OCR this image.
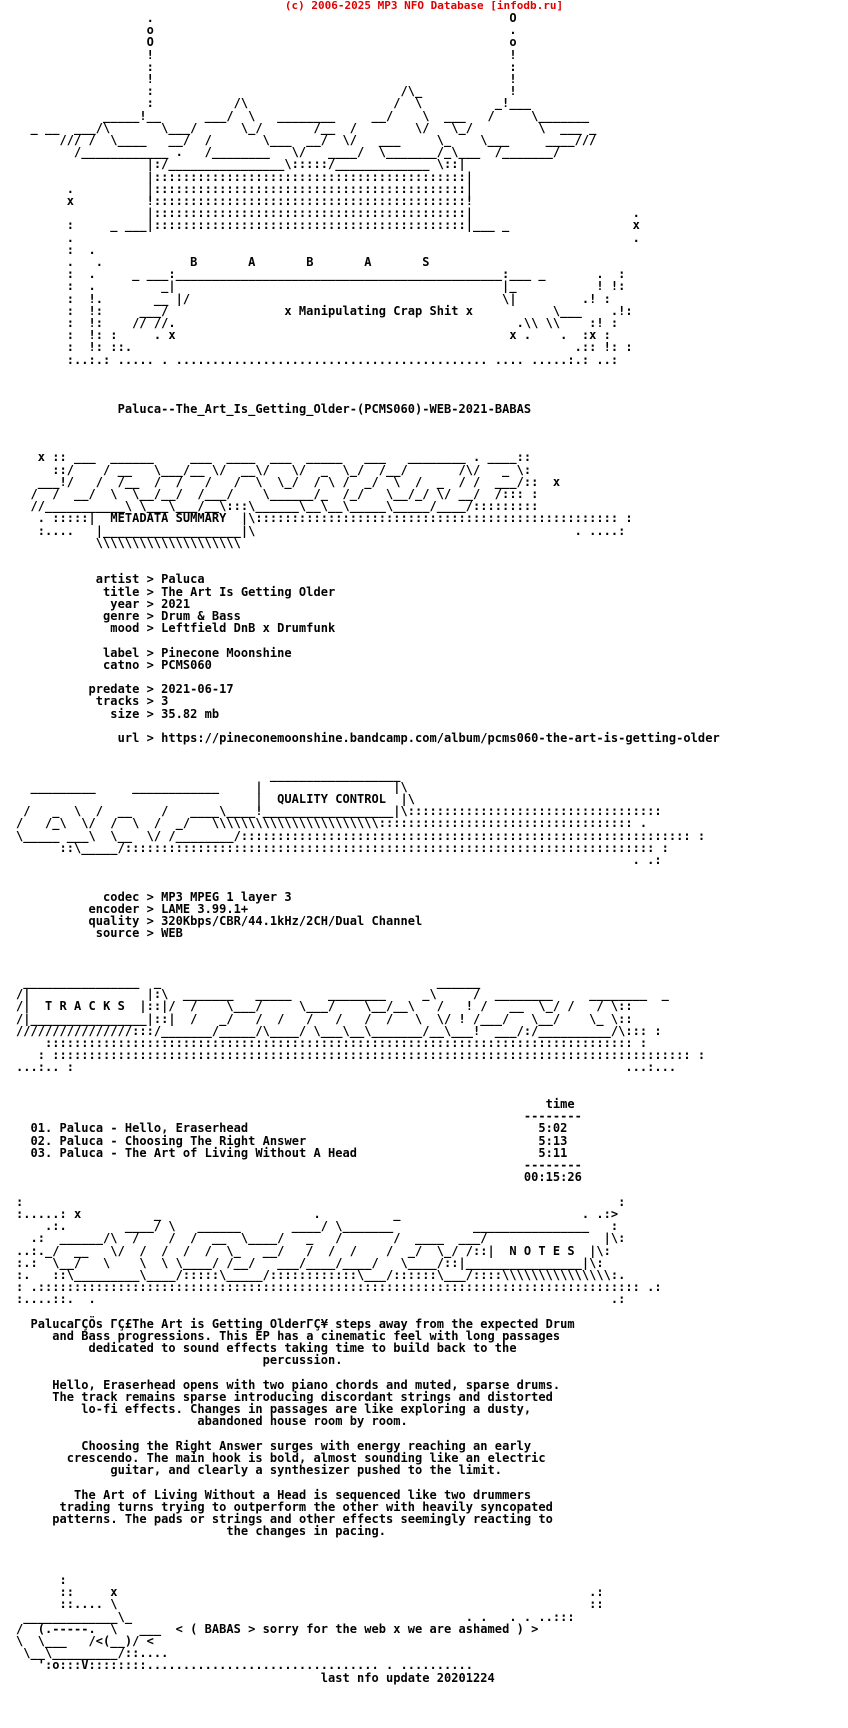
(c) 2006-2025 MP3 NFO Database [infodb.ru]
.                                                 O
o                                                 .
O                                                 o
!                                                 !
:                                                 :
!                                                 !
:                                  /\_            !
:           /\                    /  \          _!___
_____!__      ___/  \   ________     __/    \  ___   /     \_______
_ __  ___/\       \___/      \_/       /__  /        \/   \_/         \  ___ _
/// /  \____   __/  /       \___  __/  \/   ___     \_    \___     ____///
/____________ .   /________   \/   ____/  \_______/_\___  /_______/
|:/________________\:::::/_____________ \::|
|:::::::::::::::::::::::::::::::::::::::::::|
.          |:::::::::::::::::::::::::::::::::::::::::::|
x          !:::::::::::::::::::::::::::::::::::::::::::!
|:::::::::::::::::::::::::::::::::::::::::::|                      .
:     _ ___|:::::::::::::::::::::::::::::::::::::::::::|___ _                 x
.                                                                             .
:  .
.   .            B       A       B       A       S
:  .     _ ___:_____________________________________________:___ _       .  :
:  .         _|                                             |_           ! !:
:  !.       __ |/                                           \|         .! :
:  !:     ___/                x Manipulating Crap Shit x           \___    .!:
:  !:    // //.                                               .\\ \\    :! :
:  !: :     . x                                              x .    .  :x :
:  !: ::.                                                             .:: !: :
:..:.: ..... . ........................................... .... .....:.: ..:

Paluca--The_Art_Is_Getting_Older-(PCMS060)-WEB-2021-BABAS

x :: ___  ______     ___  ____  ___  _____   ___   ________ . ____::
::/    / __   \___/__ \/  __\/   \/  _  \_/  /__/       /\/   _ \:
___!/   /  /__  /  /   /   /  \  \_/  / \ /  _/  \  /  _  / /  ___/::  x
/  /  __/  \  \__/__/  /___/    \______/_  /_/   \__/_/ \/ __/  /::: :
//___________\ \___\___/__\:::\______\__\__\_____\_____/____/:::::::::
. :::::|  METADATA SUMMARY  |\:::::::::::::::::::::::::::::::::::::::::::::::::: :
:....   |___________________|\                                            . ....:
\\\\\\\\\\\\\\\\\\\\

artist > Paluca
title > The Art Is Getting Older
year > 2021
genre > Drum & Bass
mood > Leftfield DnB x Drumfunk

label > Pinecone Moonshine
catno > PCMS060

predate > 2021-06-17
tracks > 3
size > 35.82 mb

url > https://pineconemoonshine.bandcamp.com/album/pcms060-the-art-is-getting-older

__________________
_________     ____________     |                  |\
|  QUALITY CONTROL  |\
/   _  \  /  __    /   ____\____!__________________|\:::::::::::::::::::::::::::::::::::
/   /_\  \/  /  \  /  _/   \\\\\\\\\\\\\\\\\\\\\\\::::::::::::::::::::::::::::::::::: .
\_____ ___\  \__  \/ /________/:::::::::::::::::::::::::::::::::::::::::::::::::::::::::::::: :
::\_____/::::::::::::::::::::::::::::::::::::::::::::::::::::::::::::::::::::::::: :
. .:

codec > MP3 MPEG 1 layer 3
encoder > LAME 3.99.1+
quality > 320Kbps/CBR/44.1kHz/2CH/Dual Channel
source > WEB

________________  _                                      ______
/|                |:\  _______   _____     ________     _\     /  ________     ________  _
/|  T R A C K S  |::|/  /    \___/     \___/    \__/__\   /   ! /   __  \_/ /   / \::
/|________________|::|  /   _/   /  /   /   /   /  /   \  \/ ! /___/   \__/    \_ \::
////////////////:::/_______/_____/\____/ \___\__\_______/__\___!  ___/:/__________/\::: :
::::::::::::::::::::::::::::::::::::::::::::::::::::::::::::::::::::::::::::::::: :
: :::::::::::::::::::::::::::::::::::::::::::::::::::::::::::::::::::::::::::::::::::::::: :
...:.. :                                                                            ...:...

time
--------
01. Paluca - Hello, Eraserhead	5:02
02. Paluca - Choosing The Right Answer	5:13
03. Paluca - The Art of Living Without A Head	5:11
--------
00:15:26

:                                                                                  :
:.....: x          _                     .          _                         . .:>
.:.        ____/ \   ______       ____/ \_______           ________________   :
.:  ______/\  /    /  /  __  \____/   _   /       /  ____  ___/                |\:
..:._/  __   \/  /  /  /  /  \_   __/   /  /  /    /  _/  \_/ /::| N O T E S  |\:
:.:  \__/   \    \  \ \____/ /__/   ___/____/____/   \____/::|________________|\:
:.   ::\_________\____/:::::\_____/::::::::::::\___/::::::\___/::::\\\\\\\\\\\\\\\:.
: .::::::::::::::::::::::::::::::::::::::::::::::::::::::::::::::::::::::::::::::::::: .:
:....::.  .                                                                       .:

PalucaΓÇÖs ΓÇ£The Art is Getting OlderΓÇ¥ steps away from the expected Drum
and Bass progressions. This EP has a cinematic feel with long passages
dedicated to sound effects taking time to build back to the
percussion.

Hello, Eraserhead opens with two piano chords and muted, sparse drums.
The track remains sparse introducing discordant strings and distorted
lo-fi effects. Changes in passages are like exploring a dusty,
abandoned house room by room.

Choosing the Right Answer surges with energy reaching an early
crescendo. The main hook is bold, almost sounding like an electric
guitar, and clearly a synthesizer pushed to the limit.

The Art of Living Without a Head is sequenced like two drummers
trading turns trying to outperform the other with heavily syncopated
patterns. The pads or strings and other effects seemingly reacting to
the changes in pacing.

:
::     x                                                                 .:
::.... \                                                                 ::
_____________\_                                              . .   . . ..:::
/  (.-----.  \   ___  < ( BABAS > sorry for the web x we are ashamed ) >
\  \___   /<(__)/ <
\__\_________/::....
':o:::V::::::::................................ . ..........
last nfo update 20201224
